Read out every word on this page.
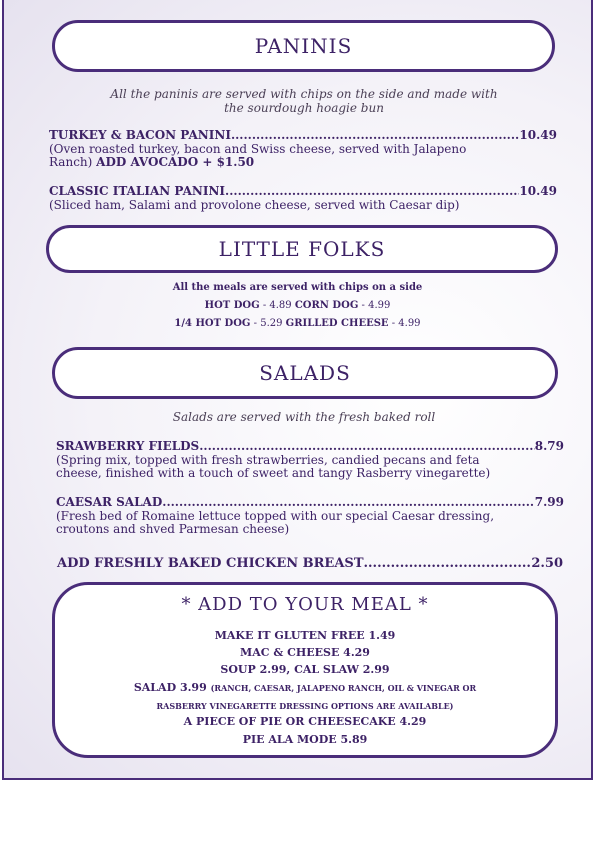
PANINIS
All the paninis are served with chips on the side and made with
the sourdough hoagie bun
TURKEY & BACON PANINI .....	10.49
(Oven roasted turkey, bacon and Swiss cheese, served with Jalapeno
Ranch) ADD AVOCADO + $1.50
CLASSIC ITALIAN PANINI .....	10.49
(Sliced ham, Salami and provolone cheese, served with Caesar dip)
LITTLE FOLKS
All the meals are served with chips on a side
HOT DOG - 4.89 CORN DOG - 4.99
1/4 HOT DOG - 5.29 GRILLED CHEESE - 4.99
SALADS
Salads are served with the fresh baked roll
SRAWBERRY FIELDS .....	8.79
(Spring mix, topped with fresh strawberries, candied pecans and feta
cheese, finished with a touch of sweet and tangy Rasberry vinegarette)
CAESAR SALAD .....	7.99
(Fresh bed of Romaine lettuce topped with our special Caesar dressing,
croutons and shved Parmesan cheese)
ADD FRESHLY BAKED CHICKEN BREAST .....	2.50
* ADD TO YOUR MEAL *
MAKE IT GLUTEN FREE 1.49
MAC & CHEESE 4.29
SOUP 2.99, CAL SLAW 2.99
SALAD 3.99 (RANCH, CAESAR, JALAPENO RANCH, OIL & VINEGAR OR
RASBERRY VINEGARETTE DRESSING OPTIONS ARE AVAILABLE)
A PIECE OF PIE OR CHEESECAKE 4.29
PIE ALA MODE 5.89
